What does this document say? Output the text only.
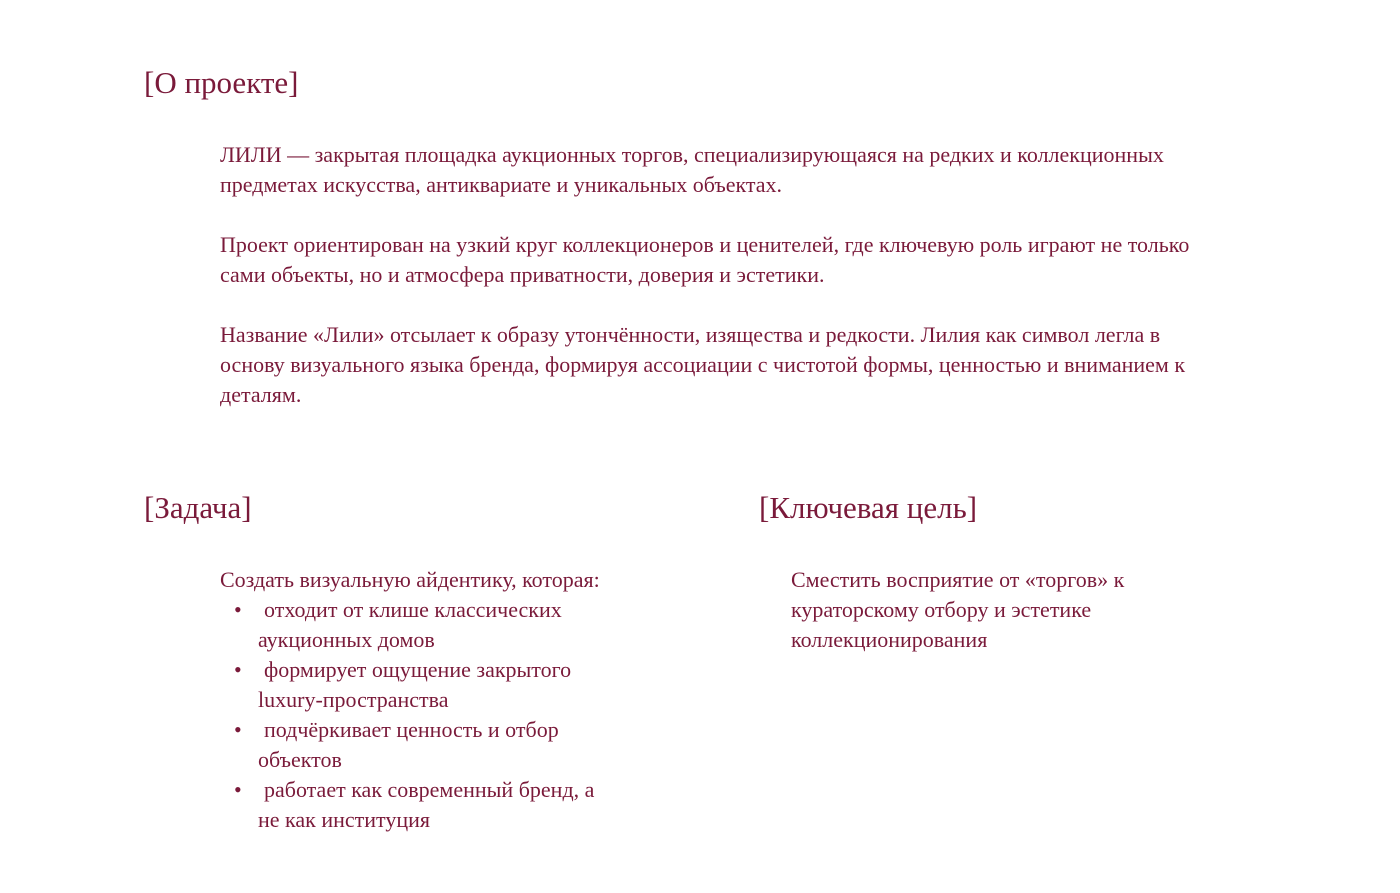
[О проекте]

ЛИЛИ — закрытая площадка аукционных торгов, специализирующаяся на редких и коллекционных предметах искусства, антиквариате и уникальных объектах.

Проект ориентирован на узкий круг коллекционеров и ценителей, где ключевую роль играют не только сами объекты, но и атмосфера приватности, доверия и эстетики.

Название «Лили» отсылает к образу утончённости, изящества и редкости. Лилия как символ легла в основу визуального языка бренда, формируя ассоциации с чистотой формы, ценностью и вниманием к деталям.

[Задача]

Создать визуальную айдентику, которая:

• отходит от клише классических аукционных домов
• формирует ощущение закрытого luxury-пространства
• подчёркивает ценность и отбор объектов
• работает как современный бренд, а не как институция
[Ключевая цель]

Сместить восприятие от «торгов» к кураторскому отбору и эстетике коллекционирования
